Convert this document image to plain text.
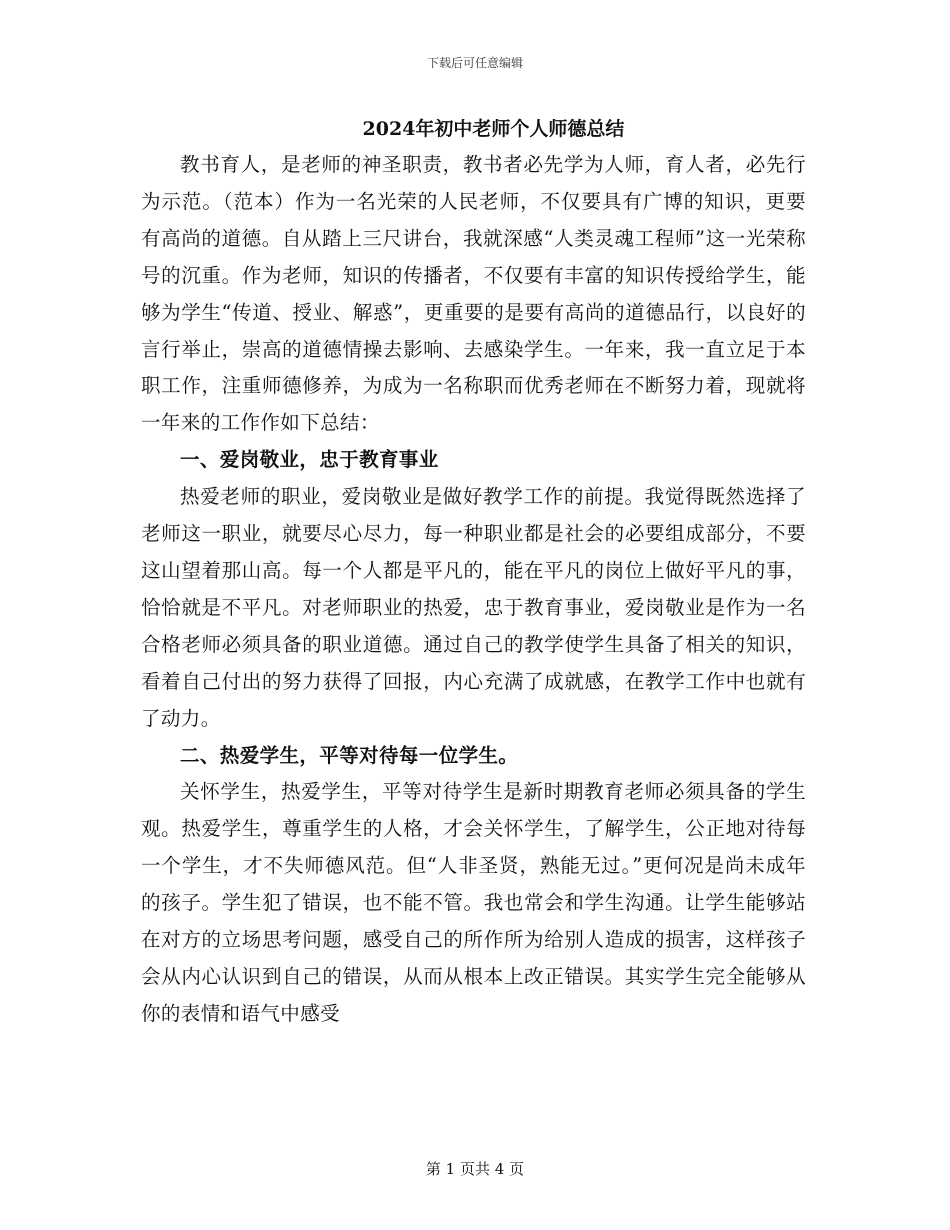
下载后可任意编辑
2024年初中老师个人师德总结

教书育人，是老师的神圣职责，教书者必先学为人师，育人者，必先行为示范。（范本）作为一名光荣的人民老师，不仅要具有广博的知识，更要有高尚的道德。自从踏上三尺讲台，我就深感“人类灵魂工程师”这一光荣称号的沉重。作为老师，知识的传播者，不仅要有丰富的知识传授给学生，能够为学生“传道、授业、解惑”，更重要的是要有高尚的道德品行，以良好的言行举止，崇高的道德情操去影响、去感染学生。一年来，我一直立足于本职工作，注重师德修养，为成为一名称职而优秀老师在不断努力着，现就将一年来的工作作如下总结：

一、爱岗敬业，忠于教育事业

热爱老师的职业，爱岗敬业是做好教学工作的前提。我觉得既然选择了老师这一职业，就要尽心尽力，每一种职业都是社会的必要组成部分，不要这山望着那山高。每一个人都是平凡的，能在平凡的岗位上做好平凡的事，恰恰就是不平凡。对老师职业的热爱，忠于教育事业，爱岗敬业是作为一名合格老师必须具备的职业道德。通过自己的教学使学生具备了相关的知识，看着自己付出的努力获得了回报，内心充满了成就感，在教学工作中也就有了动力。

二、热爱学生，平等对待每一位学生。

关怀学生，热爱学生，平等对待学生是新时期教育老师必须具备的学生观。热爱学生，尊重学生的人格，才会关怀学生，了解学生，公正地对待每一个学生，才不失师德风范。但“人非圣贤，熟能无过。”更何况是尚未成年的孩子。学生犯了错误，也不能不管。我也常会和学生沟通。让学生能够站在对方的立场思考问题，感受自己的所作所为给别人造成的损害，这样孩子会从内心认识到自己的错误，从而从根本上改正错误。其实学生完全能够从你的表情和语气中感受

第 1 页共 4 页
